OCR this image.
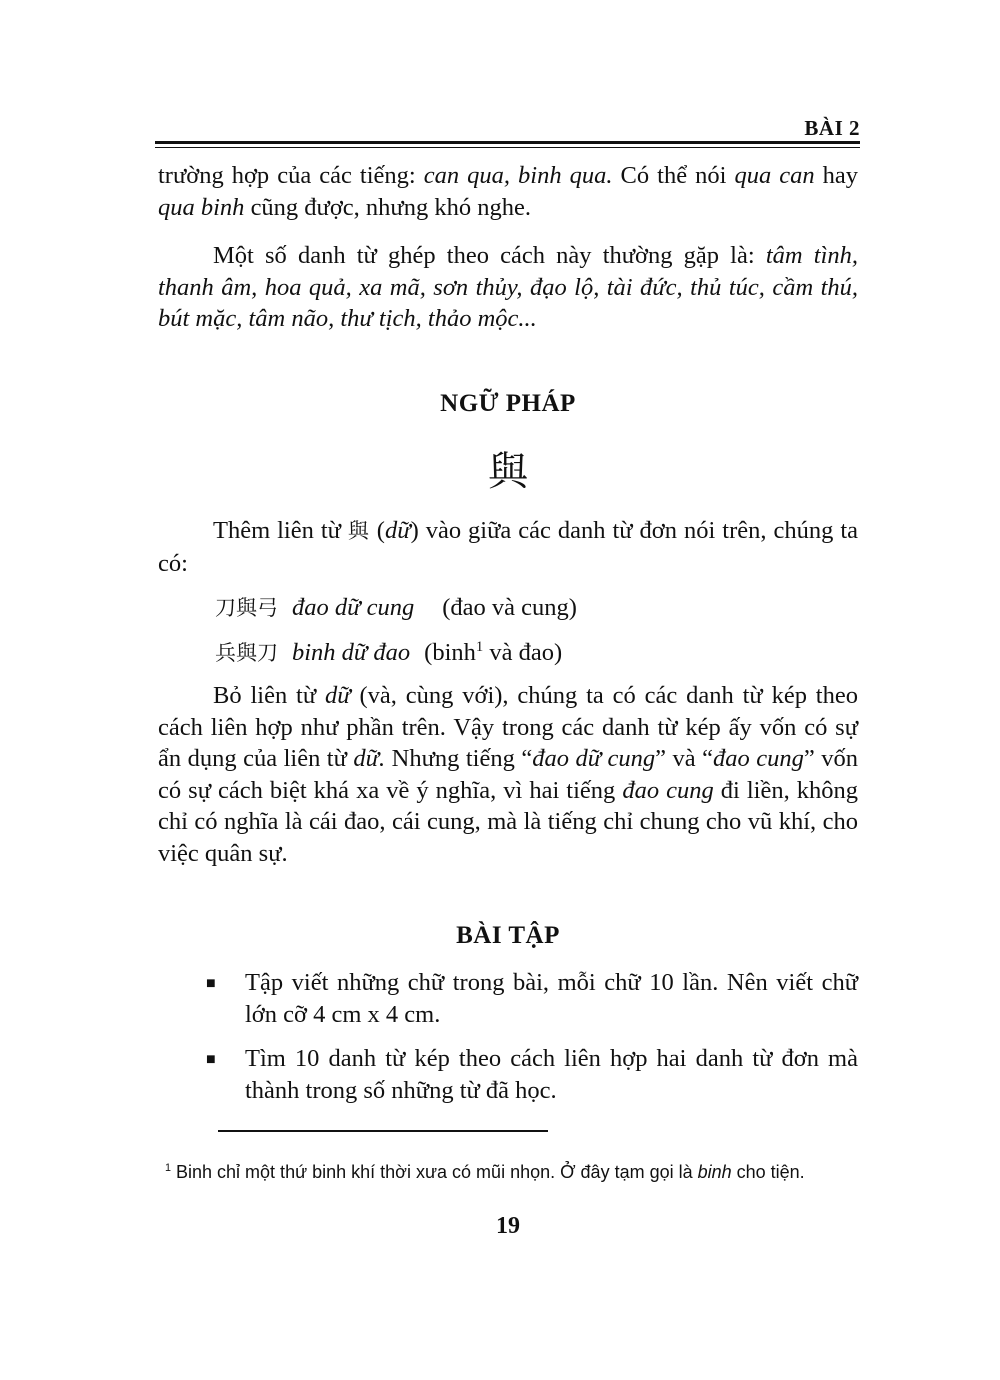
BÀI 2

trường hợp của các tiếng: can qua, binh qua. Có thể nói qua can hay qua binh cũng được, nhưng khó nghe.

Một số danh từ ghép theo cách này thường gặp là: tâm tình, thanh âm, hoa quả, xa mã, sơn thủy, đạo lộ, tài đức, thủ túc, cầm thú, bút mặc, tâm não, thư tịch, thảo mộc...

NGỮ PHÁP
與

Thêm liên từ 與 (dữ) vào giữa các danh từ đơn nói trên, chúng ta có:

刀與弓 đao dữ cung (đao và cung)
兵與刀 binh dữ đao (binh$^1$ và đao)

Bỏ liên từ dữ (và, cùng với), chúng ta có các danh từ kép theo cách liên hợp như phần trên. Vậy trong các danh từ kép ấy vốn có sự ẩn dụng của liên từ dữ. Nhưng tiếng “đao dữ cung” và “đao cung” vốn có sự cách biệt khá xa về ý nghĩa, vì hai tiếng đao cung đi liền, không chỉ có nghĩa là cái đao, cái cung, mà là tiếng chỉ chung cho vũ khí, cho việc quân sự.

BÀI TẬP
■ Tập viết những chữ trong bài, mỗi chữ 10 lần. Nên viết chữ lớn cỡ 4 cm x 4 cm.

■ Tìm 10 danh từ kép theo cách liên hợp hai danh từ đơn mà thành trong số những từ đã học.

$^1$ Binh chỉ một thứ binh khí thời xưa có mũi nhọn. Ở đây tạm gọi là binh cho tiện.

19
